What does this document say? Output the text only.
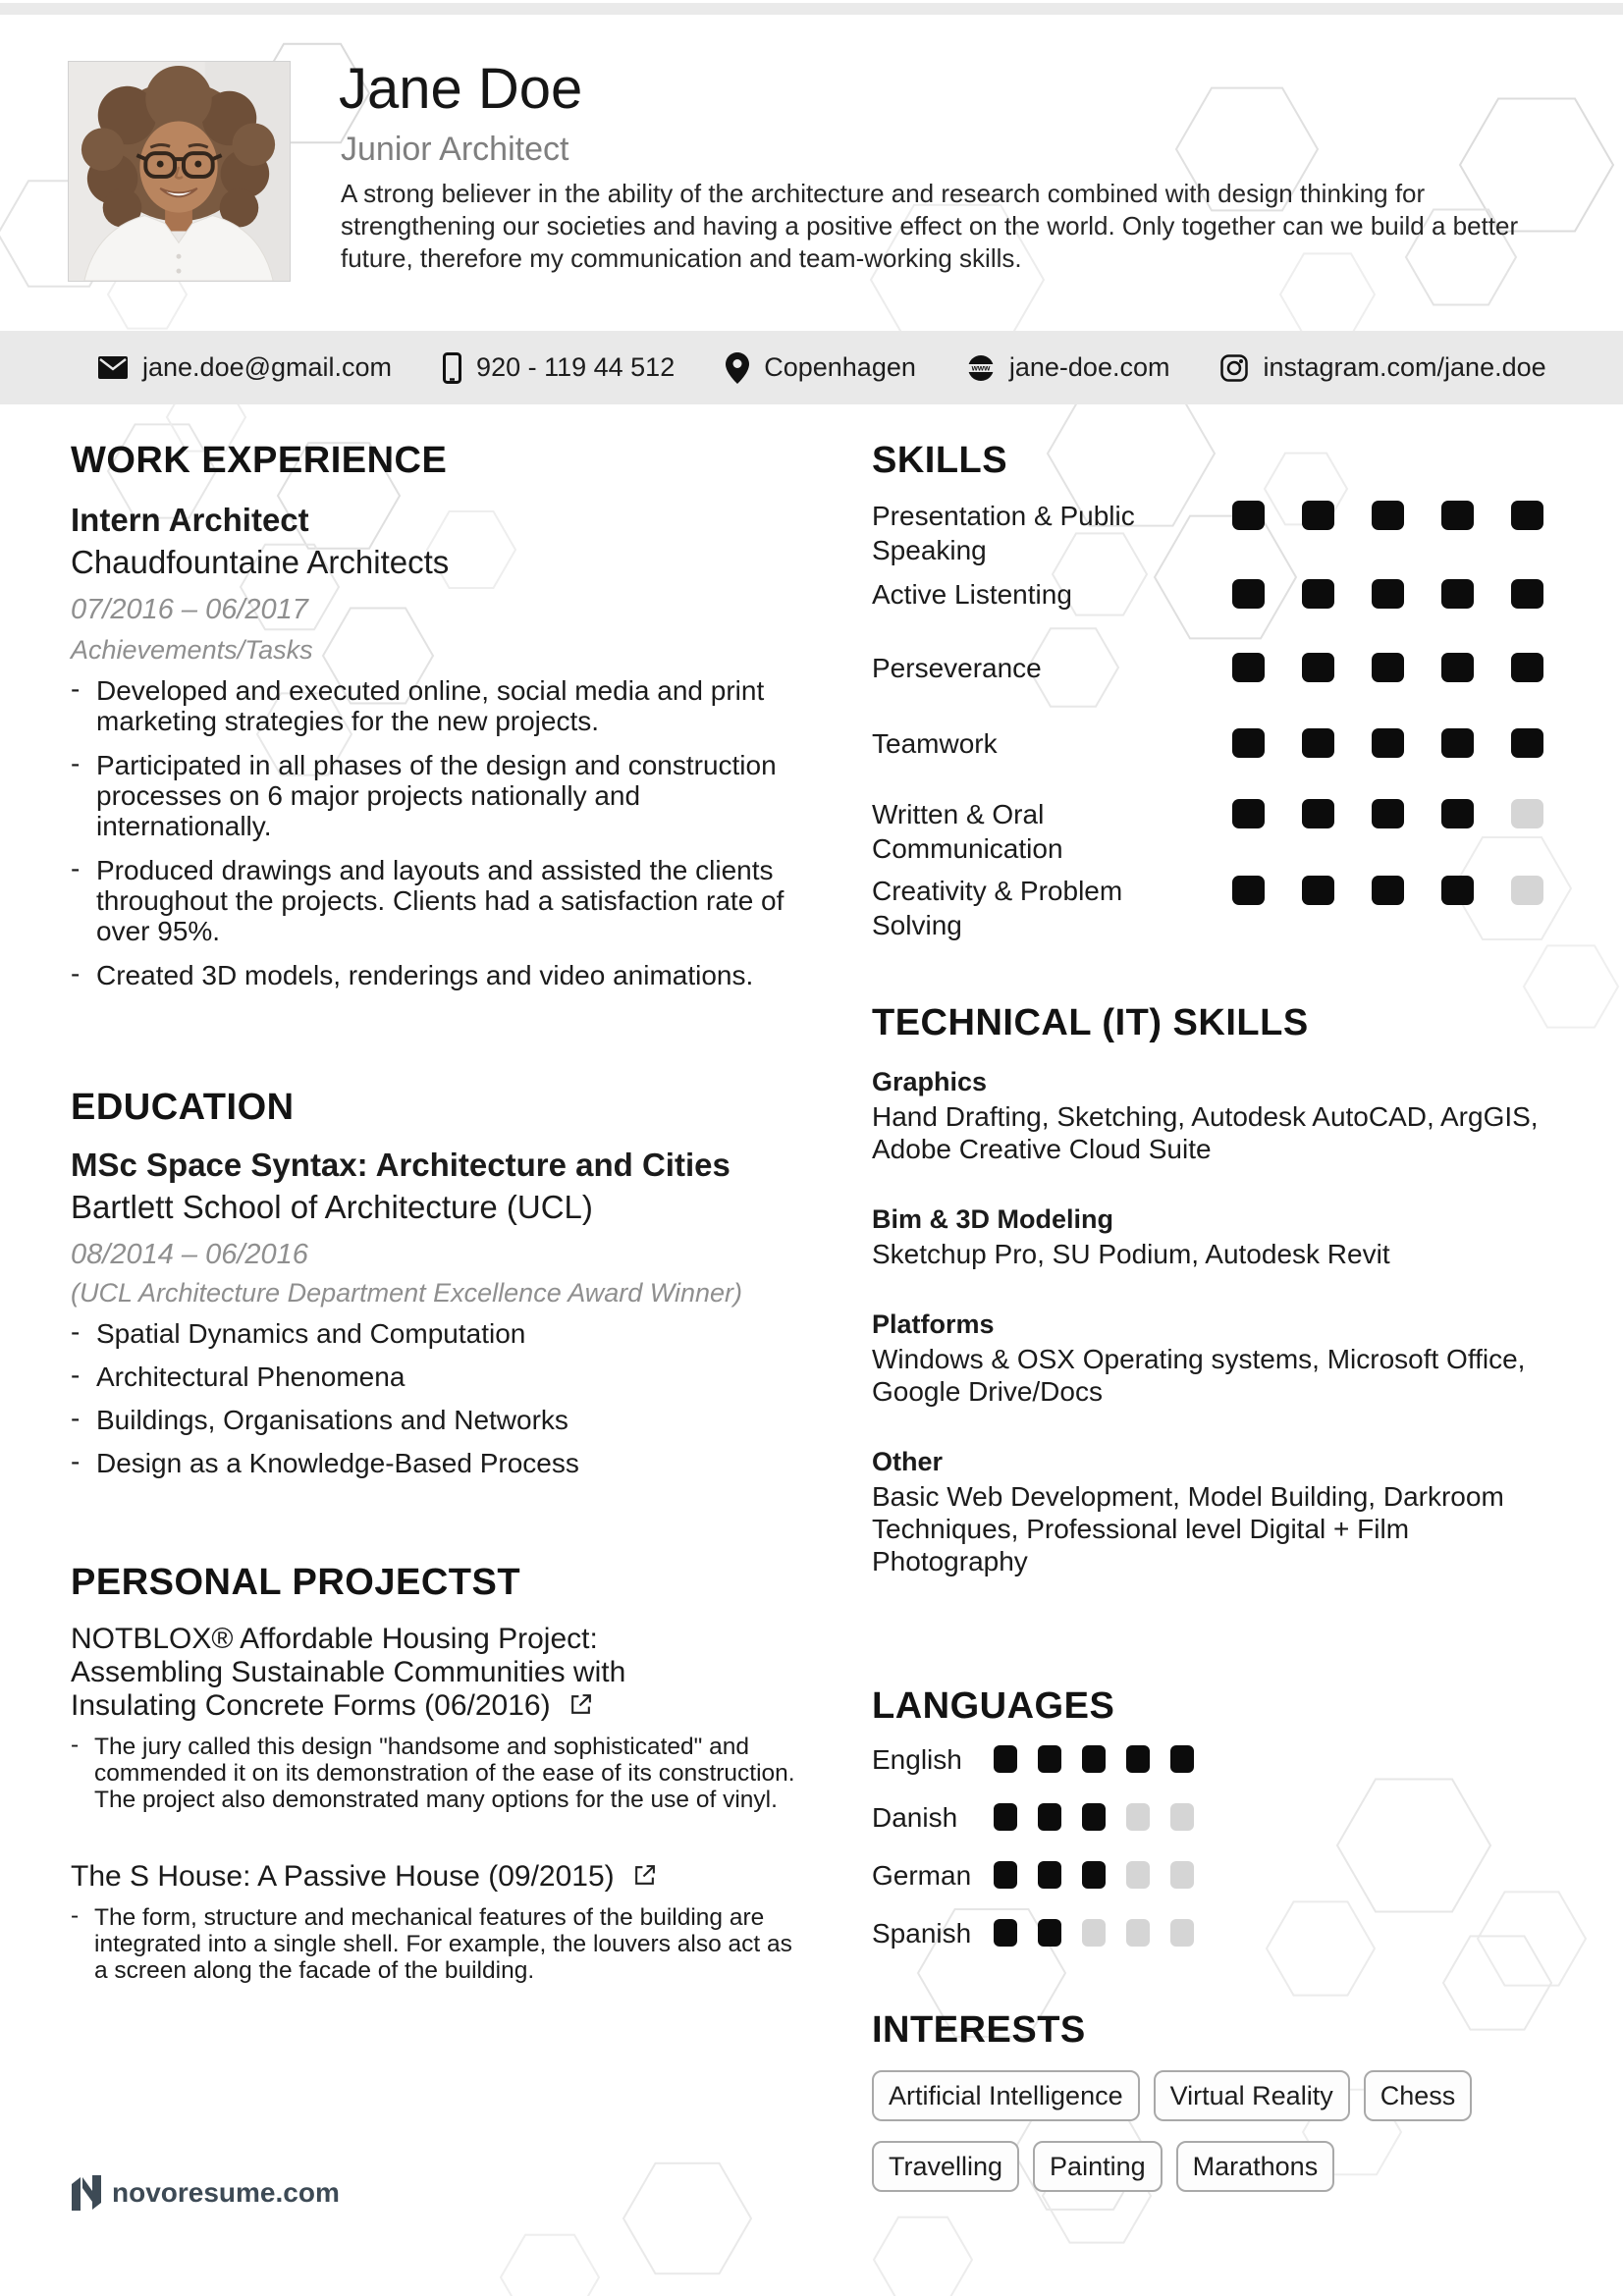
Jane Doe
Junior Architect
A strong believer in the ability of the architecture and research combined with design thinking for strengthening our societies and having a positive effect on the world. Only together can we build a better future, therefore my communication and team-working skills.
jane.doe@gmail.com	920 - 119 44 512	Copenhagen	www jane-doe.com	instagram.com/jane.doe
WORK EXPERIENCE
Intern Architect
Chaudfountaine Architects
07/2016 – 06/2017
Achievements/Tasks
- Developed and executed online, social media and print marketing strategies for the new projects.
- Participated in all phases of the design and construction processes on 6 major projects nationally and internationally.
- Produced drawings and layouts and assisted the clients throughout the projects. Clients had a satisfaction rate of over 95%.
- Created 3D models, renderings and video animations.
EDUCATION
MSc Space Syntax: Architecture and Cities
Bartlett School of Architecture (UCL)
08/2014 – 06/2016
(UCL Architecture Department Excellence Award Winner)
- Spatial Dynamics and Computation
- Architectural Phenomena
- Buildings, Organisations and Networks
- Design as a Knowledge-Based Process
PERSONAL PROJECTST
NOTBLOX® Affordable Housing Project: Assembling Sustainable Communities with Insulating Concrete Forms (06/2016)
- The jury called this design "handsome and sophisticated" and commended it on its demonstration of the ease of its construction. The project also demonstrated many options for the use of vinyl.
The S House: A Passive House (09/2015)
- The form, structure and mechanical features of the building are integrated into a single shell. For example, the louvers also act as a screen along the facade of the building.
SKILLS
Presentation & Public Speaking
Active Listenting
Perseverance
Teamwork
Written & Oral Communication
Creativity & Problem Solving
TECHNICAL (IT) SKILLS
Graphics
Hand Drafting, Sketching, Autodesk AutoCAD, ArgGIS, Adobe Creative Cloud Suite
Bim & 3D Modeling
Sketchup Pro, SU Podium, Autodesk Revit
Platforms
Windows & OSX Operating systems, Microsoft Office, Google Drive/Docs
Other
Basic Web Development, Model Building, Darkroom Techniques, Professional level Digital + Film Photography
LANGUAGES
English
Danish
German
Spanish
INTERESTS
Artificial Intelligence	Virtual Reality	Chess
Travelling	Painting	Marathons
novoresume.com
